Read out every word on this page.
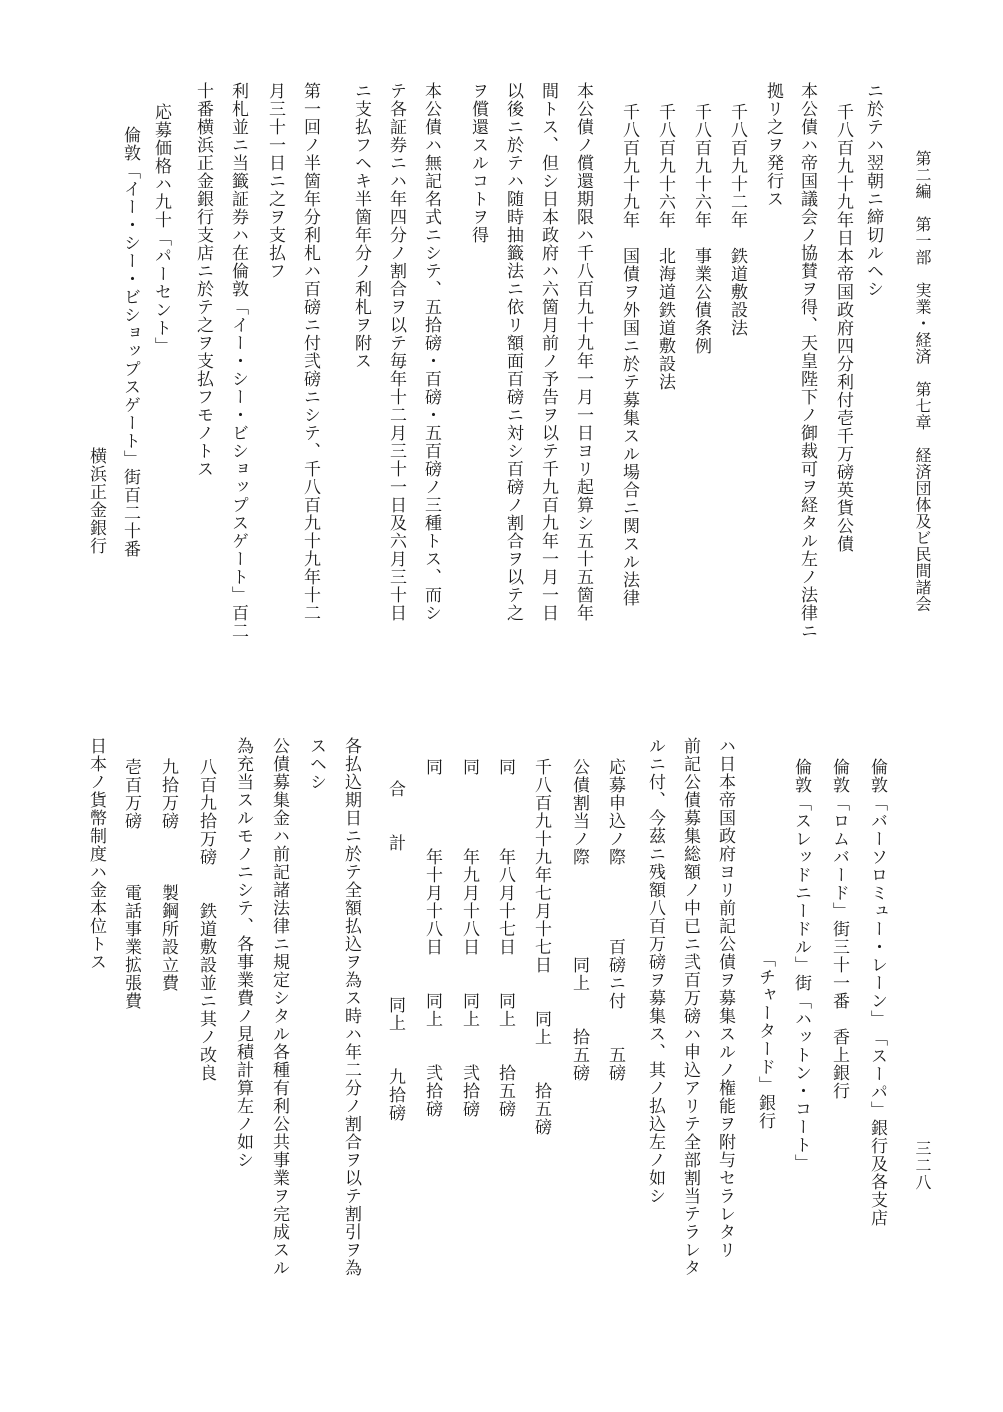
第二編　第一部　実業・経済　第七章　経済団体及ビ民間諸会
三二八
ニ於テハ翌朝ニ締切ルヘシ
千八百九十九年日本帝国政府四分利付壱千万磅英貨公債
本公債ハ帝国議会ノ協賛ヲ得、天皇陛下ノ御裁可ヲ経タル左ノ法律ニ
拠リ之ヲ発行ス
千八百九十二年　鉄道敷設法
千八百九十六年　事業公債条例
千八百九十六年　北海道鉄道敷設法
千八百九十九年　国債ヲ外国ニ於テ募集スル場合ニ関スル法律
本公債ノ償還期限ハ千八百九十九年一月一日ヨリ起算シ五十五箇年
間トス、但シ日本政府ハ六箇月前ノ予告ヲ以テ千九百九年一月一日
以後ニ於テハ随時抽籤法ニ依リ額面百磅ニ対シ百磅ノ割合ヲ以テ之
ヲ償還スルコトヲ得
本公債ハ無記名式ニシテ、五拾磅・百磅・五百磅ノ三種トス、而シ
テ各証券ニハ年四分ノ割合ヲ以テ毎年十二月三十一日及六月三十日
ニ支払フヘキ半箇年分ノ利札ヲ附ス
第一回ノ半箇年分利札ハ百磅ニ付弐磅ニシテ、千八百九十九年十二
月三十一日ニ之ヲ支払フ
利札並ニ当籤証券ハ在倫敦「イー・シー・ビショップスゲート」百二
十番横浜正金銀行支店ニ於テ之ヲ支払フモノトス
応募価格ハ九十「パーセント」
倫敦「イー・シー・ビショップスゲート」街百二十番
横浜正金銀行
倫敦「バーソロミュー・レーン」　「スーパ」銀行及各支店
倫敦「ロムバード」街三十一番　香上銀行
倫敦「スレッドニードル」街「ハットン・コート」
「チャータード」銀行
ハ日本帝国政府ヨリ前記公債ヲ募集スルノ権能ヲ附与セラレタリ
前記公債募集総額ノ中已ニ弐百万磅ハ申込アリテ全部割当テラレタ
ルニ付、今茲ニ残額八百万磅ヲ募集ス、其ノ払込左ノ如シ
応募申込ノ際　　　　百磅ニ付　　五磅
公債割当ノ際　　　　　同上　　拾五磅
千八百九十九年七月十七日　　同上　　拾五磅
同　　　　年八月十七日　　同上　　拾五磅
同　　　　年九月十八日　　同上　　弐拾磅
同　　　　年十月十八日　　同上　　弐拾磅
合　　計　　　　　　　　同上　　九拾磅
各払込期日ニ於テ全額払込ヲ為ス時ハ年二分ノ割合ヲ以テ割引ヲ為
スヘシ
公債募集金ハ前記諸法律ニ規定シタル各種有利公共事業ヲ完成スル
為充当スルモノニシテ、各事業費ノ見積計算左ノ如シ
八百九拾万磅　　鉄道敷設並ニ其ノ改良
九拾万磅　　　製鋼所設立費
壱百万磅　　　電話事業拡張費
日本ノ貨幣制度ハ金本位トス
